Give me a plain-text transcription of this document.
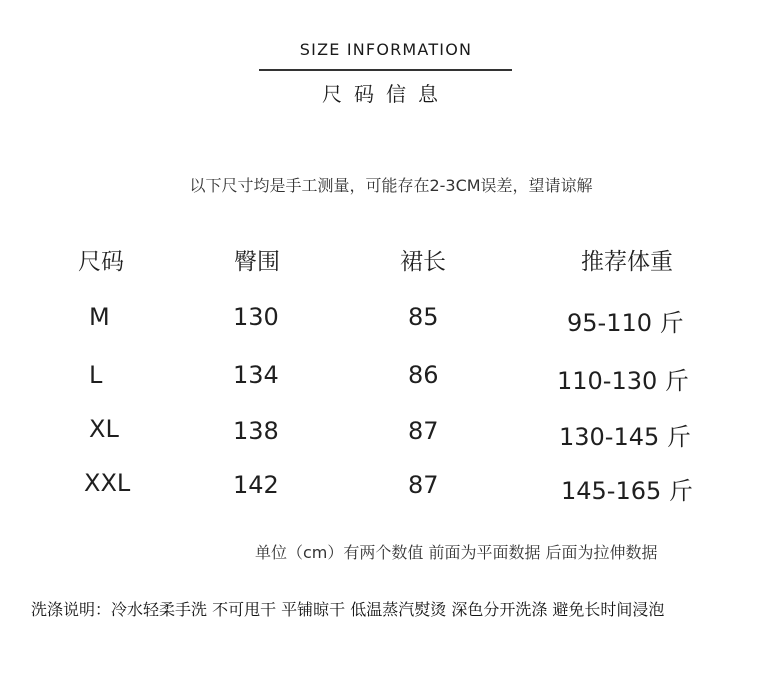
SIZE INFORMATION
尺码信息
以下尺寸均是手工测量，可能存在2-3CM误差，望请谅解
尺码	臀围	裙长	推荐体重
M	130	85	95-110 斤
L	134	86	110-130 斤
XL	138	87	130-145 斤
XXL	142	87	145-165 斤
单位（cm）有两个数值 前面为平面数据 后面为拉伸数据
洗涤说明：冷水轻柔手洗 不可甩干 平铺晾干 低温蒸汽熨烫 深色分开洗涤 避免长时间浸泡
